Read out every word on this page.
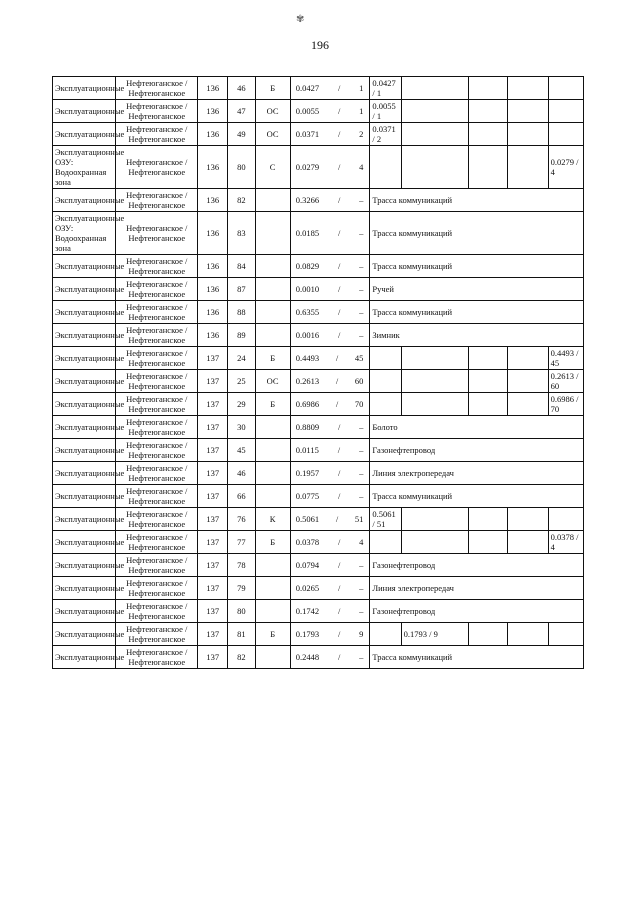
✾
196
Эксплуатационные	Нефтеюганское / Нефтеюганское	136	46	Б	0.0427 / 1	0.0427 / 1				
Эксплуатационные	Нефтеюганское / Нефтеюганское	136	47	ОС	0.0055 / 1	0.0055 / 1				
Эксплуатационные	Нефтеюганское / Нефтеюганское	136	49	ОС	0.0371 / 2	0.0371 / 2				
Эксплуатационные ОЗУ: Водоохранная зона	Нефтеюганское / Нефтеюганское	136	80	С	0.0279 / 4					0.0279 / 4
Эксплуатационные	Нефтеюганское / Нефтеюганское	136	82		0.3266 / –	Трасса коммуникаций				
Эксплуатационные ОЗУ: Водоохранная зона	Нефтеюганское / Нефтеюганское	136	83		0.0185 / –	Трасса коммуникаций				
Эксплуатационные	Нефтеюганское / Нефтеюганское	136	84		0.0829 / –	Трасса коммуникаций				
Эксплуатационные	Нефтеюганское / Нефтеюганское	136	87		0.0010 / –	Ручей				
Эксплуатационные	Нефтеюганское / Нефтеюганское	136	88		0.6355 / –	Трасса коммуникаций				
Эксплуатационные	Нефтеюганское / Нефтеюганское	136	89		0.0016 / –	Зимник				
Эксплуатационные	Нефтеюганское / Нефтеюганское	137	24	Б	0.4493 / 45					0.4493 / 45
Эксплуатационные	Нефтеюганское / Нефтеюганское	137	25	ОС	0.2613 / 60					0.2613 / 60
Эксплуатационные	Нефтеюганское / Нефтеюганское	137	29	Б	0.6986 / 70					0.6986 / 70
Эксплуатационные	Нефтеюганское / Нефтеюганское	137	30		0.8809 / –	Болото				
Эксплуатационные	Нефтеюганское / Нефтеюганское	137	45		0.0115 / –	Газонефтепровод				
Эксплуатационные	Нефтеюганское / Нефтеюганское	137	46		0.1957 / –	Линия электропередач				
Эксплуатационные	Нефтеюганское / Нефтеюганское	137	66		0.0775 / –	Трасса коммуникаций				
Эксплуатационные	Нефтеюганское / Нефтеюганское	137	76	К	0.5061 / 51	0.5061 / 51				
Эксплуатационные	Нефтеюганское / Нефтеюганское	137	77	Б	0.0378 / 4					0.0378 / 4
Эксплуатационные	Нефтеюганское / Нефтеюганское	137	78		0.0794 / –	Газонефтепровод				
Эксплуатационные	Нефтеюганское / Нефтеюганское	137	79		0.0265 / –	Линия электропередач				
Эксплуатационные	Нефтеюганское / Нефтеюганское	137	80		0.1742 / –	Газонефтепровод				
Эксплуатационные	Нефтеюганское / Нефтеюганское	137	81	Б	0.1793 / 9		0.1793 / 9			
Эксплуатационные	Нефтеюганское / Нефтеюганское	137	82		0.2448 / –	Трасса коммуникаций				
